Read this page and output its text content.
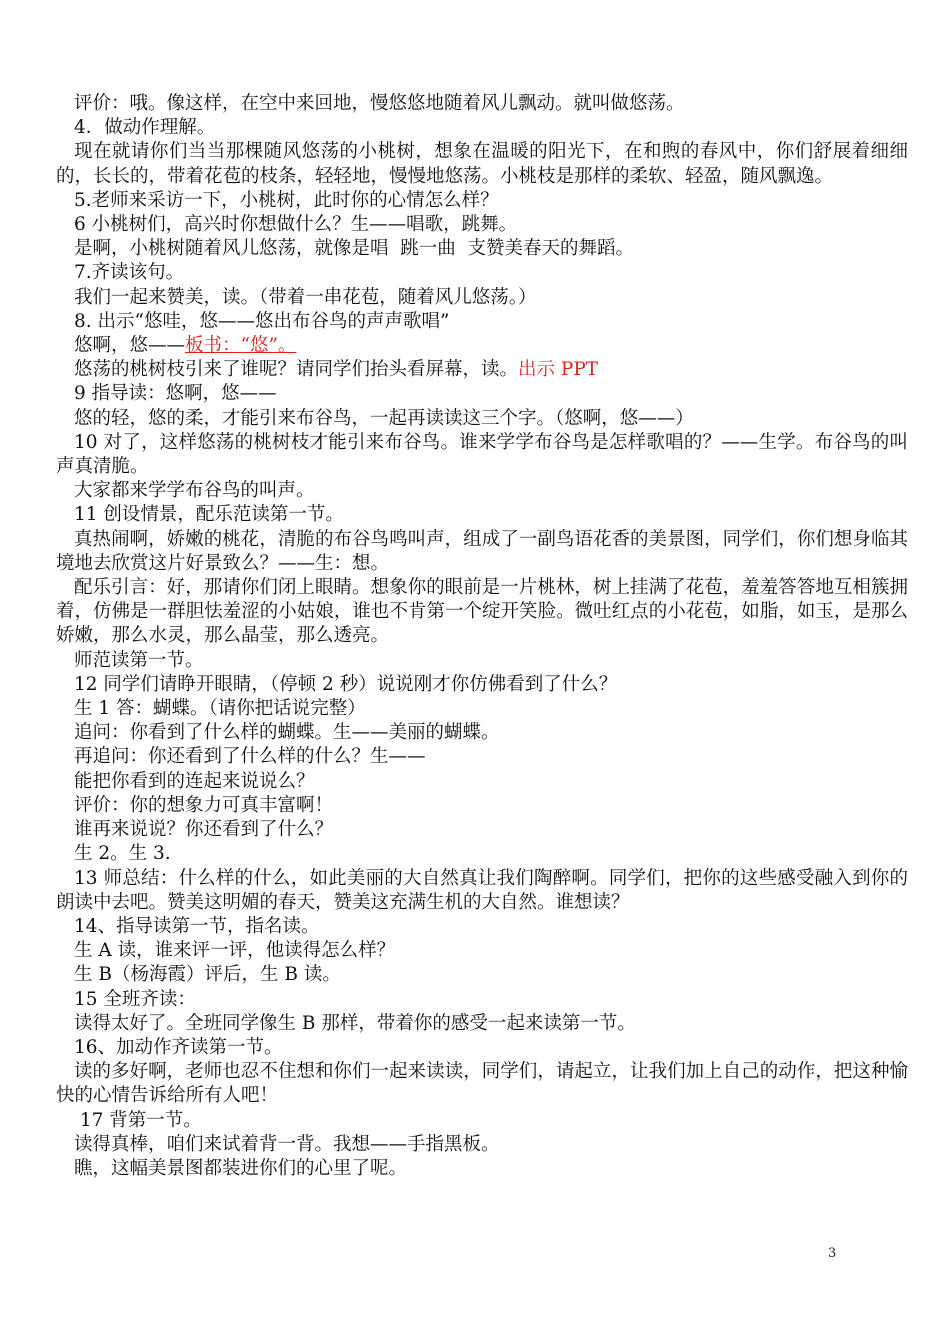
评价：哦。像这样，在空中来回地，慢悠悠地随着风儿飘动。就叫做悠荡。

4．做动作理解。

现在就请你们当当那棵随风悠荡的小桃树，想象在温暖的阳光下，在和煦的春风中，你们舒展着细细的，长长的，带着花苞的枝条，轻轻地，慢慢地悠荡。小桃枝是那样的柔软、轻盈，随风飘逸。

5.老师来采访一下，小桃树，此时你的心情怎么样？

6 小桃树们，高兴时你想做什么？生——唱歌，跳舞。

是啊，小桃树随着风儿悠荡，就像是唱  跳一曲  支赞美春天的舞蹈。

7.齐读该句。

我们一起来赞美，读。（带着一串花苞，随着风儿悠荡。）

8. 出示“悠哇，悠——悠出布谷鸟的声声歌唱”

悠啊，悠——板书：“悠”。

悠荡的桃树枝引来了谁呢？请同学们抬头看屏幕，读。出示 PPT

9 指导读：悠啊，悠——

悠的轻，悠的柔，才能引来布谷鸟，一起再读读这三个字。（悠啊，悠——）

10 对了，这样悠荡的桃树枝才能引来布谷鸟。谁来学学布谷鸟是怎样歌唱的？——生学。布谷鸟的叫声真清脆。

大家都来学学布谷鸟的叫声。

11 创设情景，配乐范读第一节。

真热闹啊，娇嫩的桃花，清脆的布谷鸟鸣叫声，组成了一副鸟语花香的美景图，同学们，你们想身临其境地去欣赏这片好景致么？——生：想。

配乐引言：好，那请你们闭上眼睛。想象你的眼前是一片桃林，树上挂满了花苞，羞羞答答地互相簇拥着，仿佛是一群胆怯羞涩的小姑娘，谁也不肯第一个绽开笑脸。微吐红点的小花苞，如脂，如玉，是那么娇嫩，那么水灵，那么晶莹，那么透亮。

师范读第一节。

12 同学们请睁开眼睛，（停顿 2 秒）说说刚才你仿佛看到了什么？

生 1 答：蝴蝶。（请你把话说完整）

追问：你看到了什么样的蝴蝶。生——美丽的蝴蝶。

再追问：你还看到了什么样的什么？生——

能把你看到的连起来说说么？

评价：你的想象力可真丰富啊！

谁再来说说？你还看到了什么？

生 2。生 3.

13 师总结：什么样的什么，如此美丽的大自然真让我们陶醉啊。同学们，把你的这些感受融入到你的朗读中去吧。赞美这明媚的春天，赞美这充满生机的大自然。谁想读？

14、指导读第一节，指名读。

生 A 读，谁来评一评，他读得怎么样？

生 B（杨海霞）评后，生 B 读。

15 全班齐读：

读得太好了。全班同学像生 B 那样，带着你的感受一起来读第一节。

16、加动作齐读第一节。

读的多好啊，老师也忍不住想和你们一起来读读，同学们，请起立，让我们加上自己的动作，把这种愉快的心情告诉给所有人吧！

17 背第一节。

读得真棒，咱们来试着背一背。我想——手指黑板。

瞧，这幅美景图都装进你们的心里了呢。

3
